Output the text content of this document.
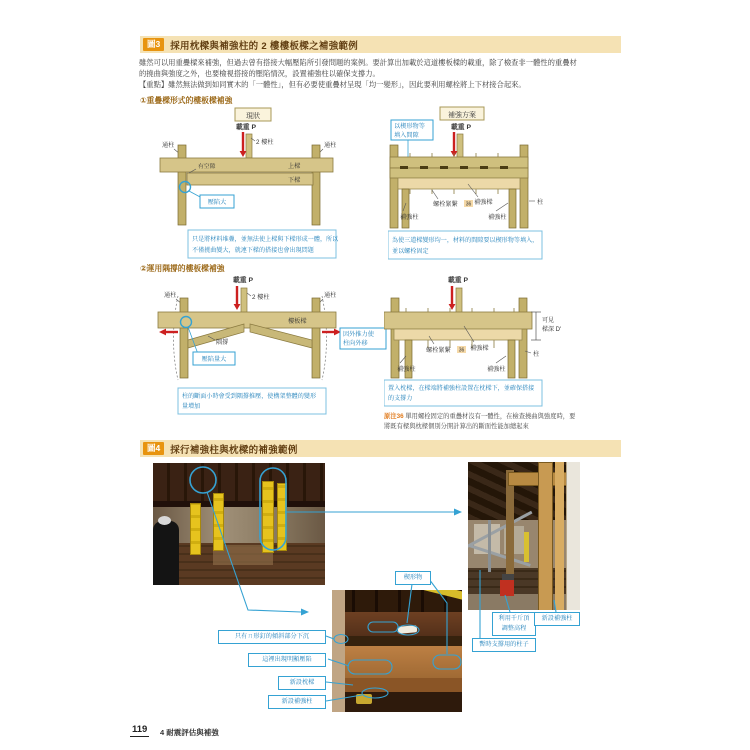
圖3	採用枕樑與補強柱的 2 樓樓板樑之補強範例
雖然可以用重疊樑來補強，但過去曾有搭接大幅壓陷所引發問題的案例。要計算出加載於這道樓板樑的載重，除了檢查非一體性的重疊材
的撓曲與強度之外，也要檢視搭接的壓陷情況，設置補強柱以確保支撐力。
【重點】雖然無法做到如同實木的「一體性」，但有必要使重疊材呈現「均一變形」，因此要利用螺栓將上下材接合起來。
①重疊樑形式的樓板樑補強
現狀
載重 P
2 樓柱
通柱	通柱
有空隙	上樑
下樑
壓陷大
只是將材料堆疊，並無法使上樑與下樑形成一體，所以
不僅撓曲變大，就連下樑的搭接也會出現問題
補強方案
載重 P
以楔形物等
填入間隙
螺栓緊繫 36 補強樑	柱
補強柱	補強柱
為使三道樑變形均一，材料的間隙要以楔形物等填入，
並以螺栓固定
②運用隅撐的樓板樑補強
載重 P
2 樓柱
通柱	通柱
樓板樑
隅撐
壓陷量大
因外推力使
柱向外移
柱的斷面小時會受到隅撐推壓，使構架整體的變形
量增加
載重 P
可見
樑深 D'
螺栓緊繫 36 補強樑
柱
補強柱	補強柱
置入枕樑，在樑端將補強柱設置在枕樑下，並確保搭接
的支撐力
原注36 單用螺栓固定的重疊材沒有一體性，在檢查撓曲與強度時，要
將既有樑與枕樑個別分開計算出的斷面性能加總起來
圖4	採行補強柱與枕樑的補強範例
楔形物
只有ㄇ形釘的傾斜部分下沉
這裡出現明顯壓陷
新設枕樑
新設補強柱
利用千斤頂
調整高程
新設補強柱
暫時支撐用的柱子
119 4 耐震評估與補強
